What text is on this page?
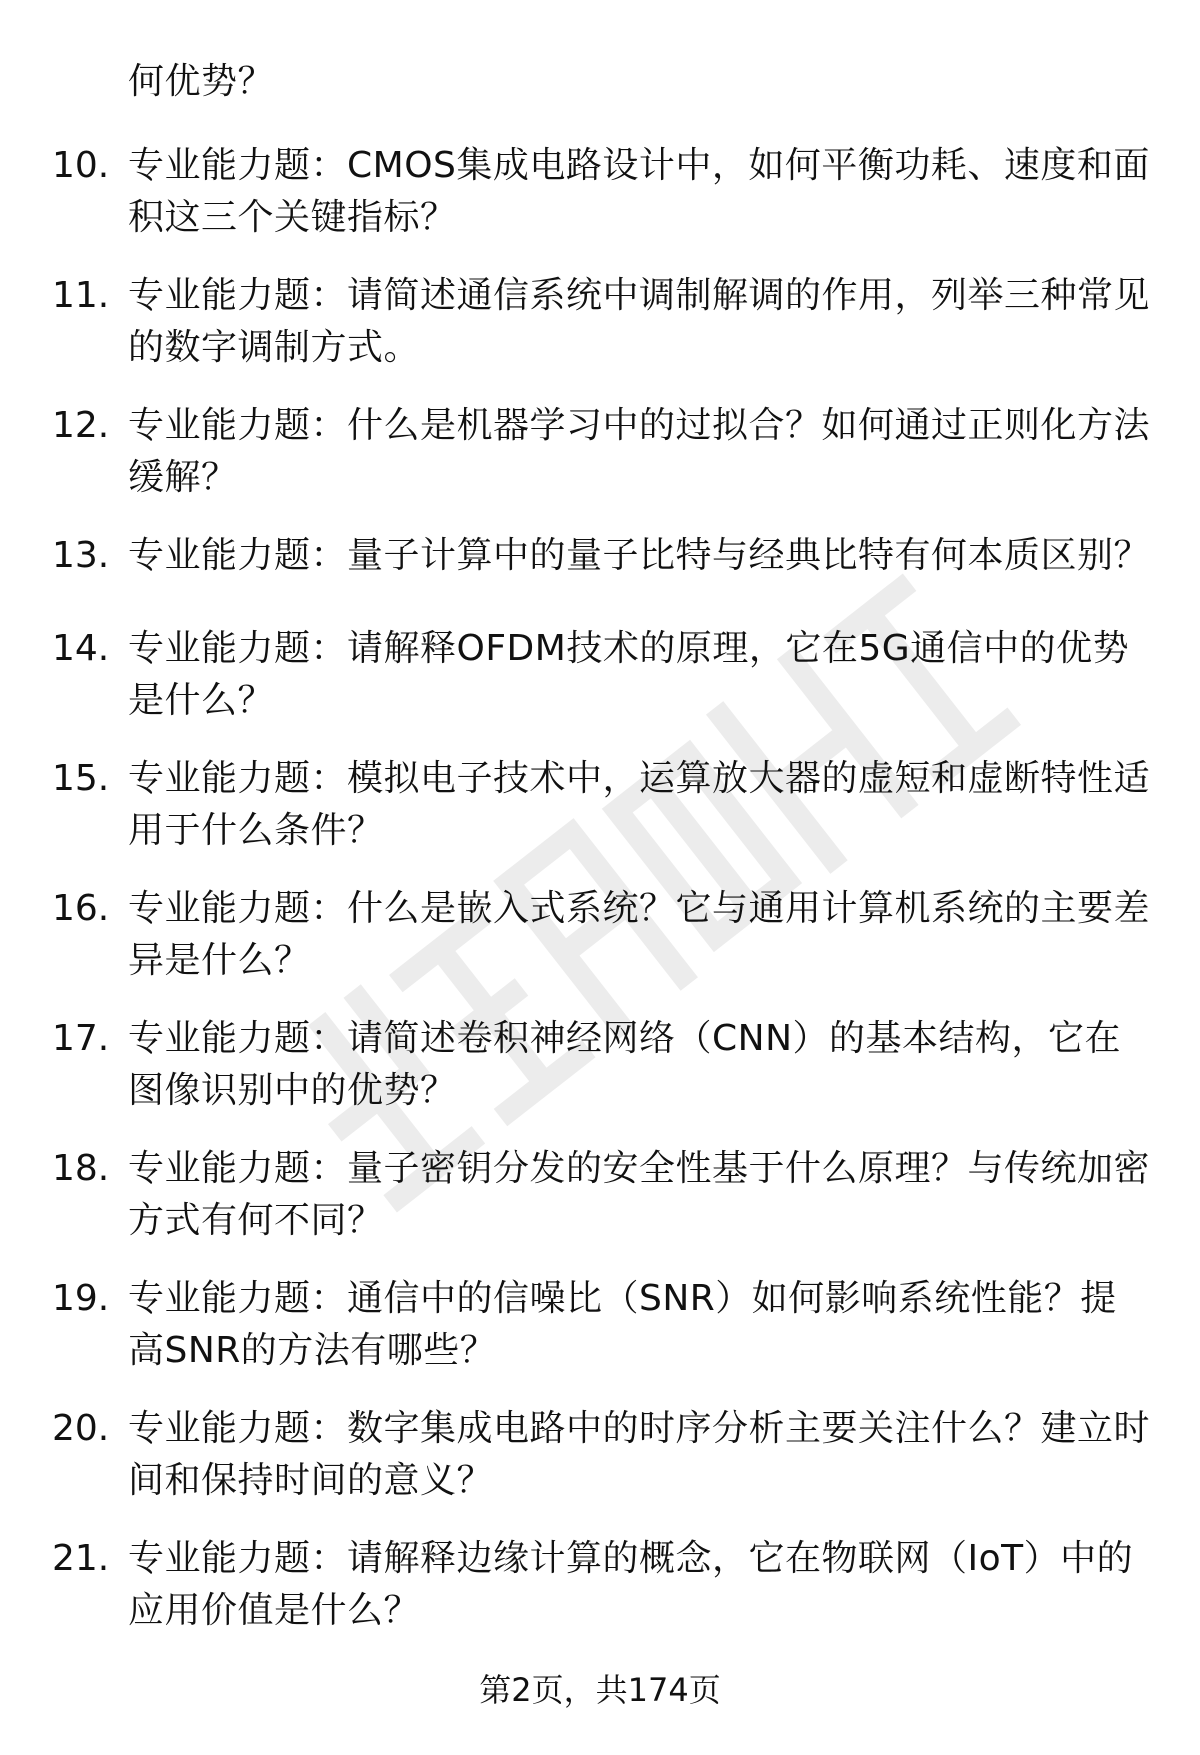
何优势？
10. 专业能力题：CMOS集成电路设计中，如何平衡功耗、速度和面积这三个关键指标？
11. 专业能力题：请简述通信系统中调制解调的作用，列举三种常见的数字调制方式。
12. 专业能力题：什么是机器学习中的过拟合？如何通过正则化方法缓解？
13. 专业能力题：量子计算中的量子比特与经典比特有何本质区别？
14. 专业能力题：请解释OFDM技术的原理，它在5G通信中的优势是什么？
15. 专业能力题：模拟电子技术中，运算放大器的虚短和虚断特性适用于什么条件？
16. 专业能力题：什么是嵌入式系统？它与通用计算机系统的主要差异是什么？
17. 专业能力题：请简述卷积神经网络（CNN）的基本结构，它在图像识别中的优势？
18. 专业能力题：量子密钥分发的安全性基于什么原理？与传统加密方式有何不同？
19. 专业能力题：通信中的信噪比（SNR）如何影响系统性能？提高SNR的方法有哪些？
20. 专业能力题：数字集成电路中的时序分析主要关注什么？建立时间和保持时间的意义？
21. 专业能力题：请解释边缘计算的概念，它在物联网（IoT）中的应用价值是什么？
第2页，共174页
